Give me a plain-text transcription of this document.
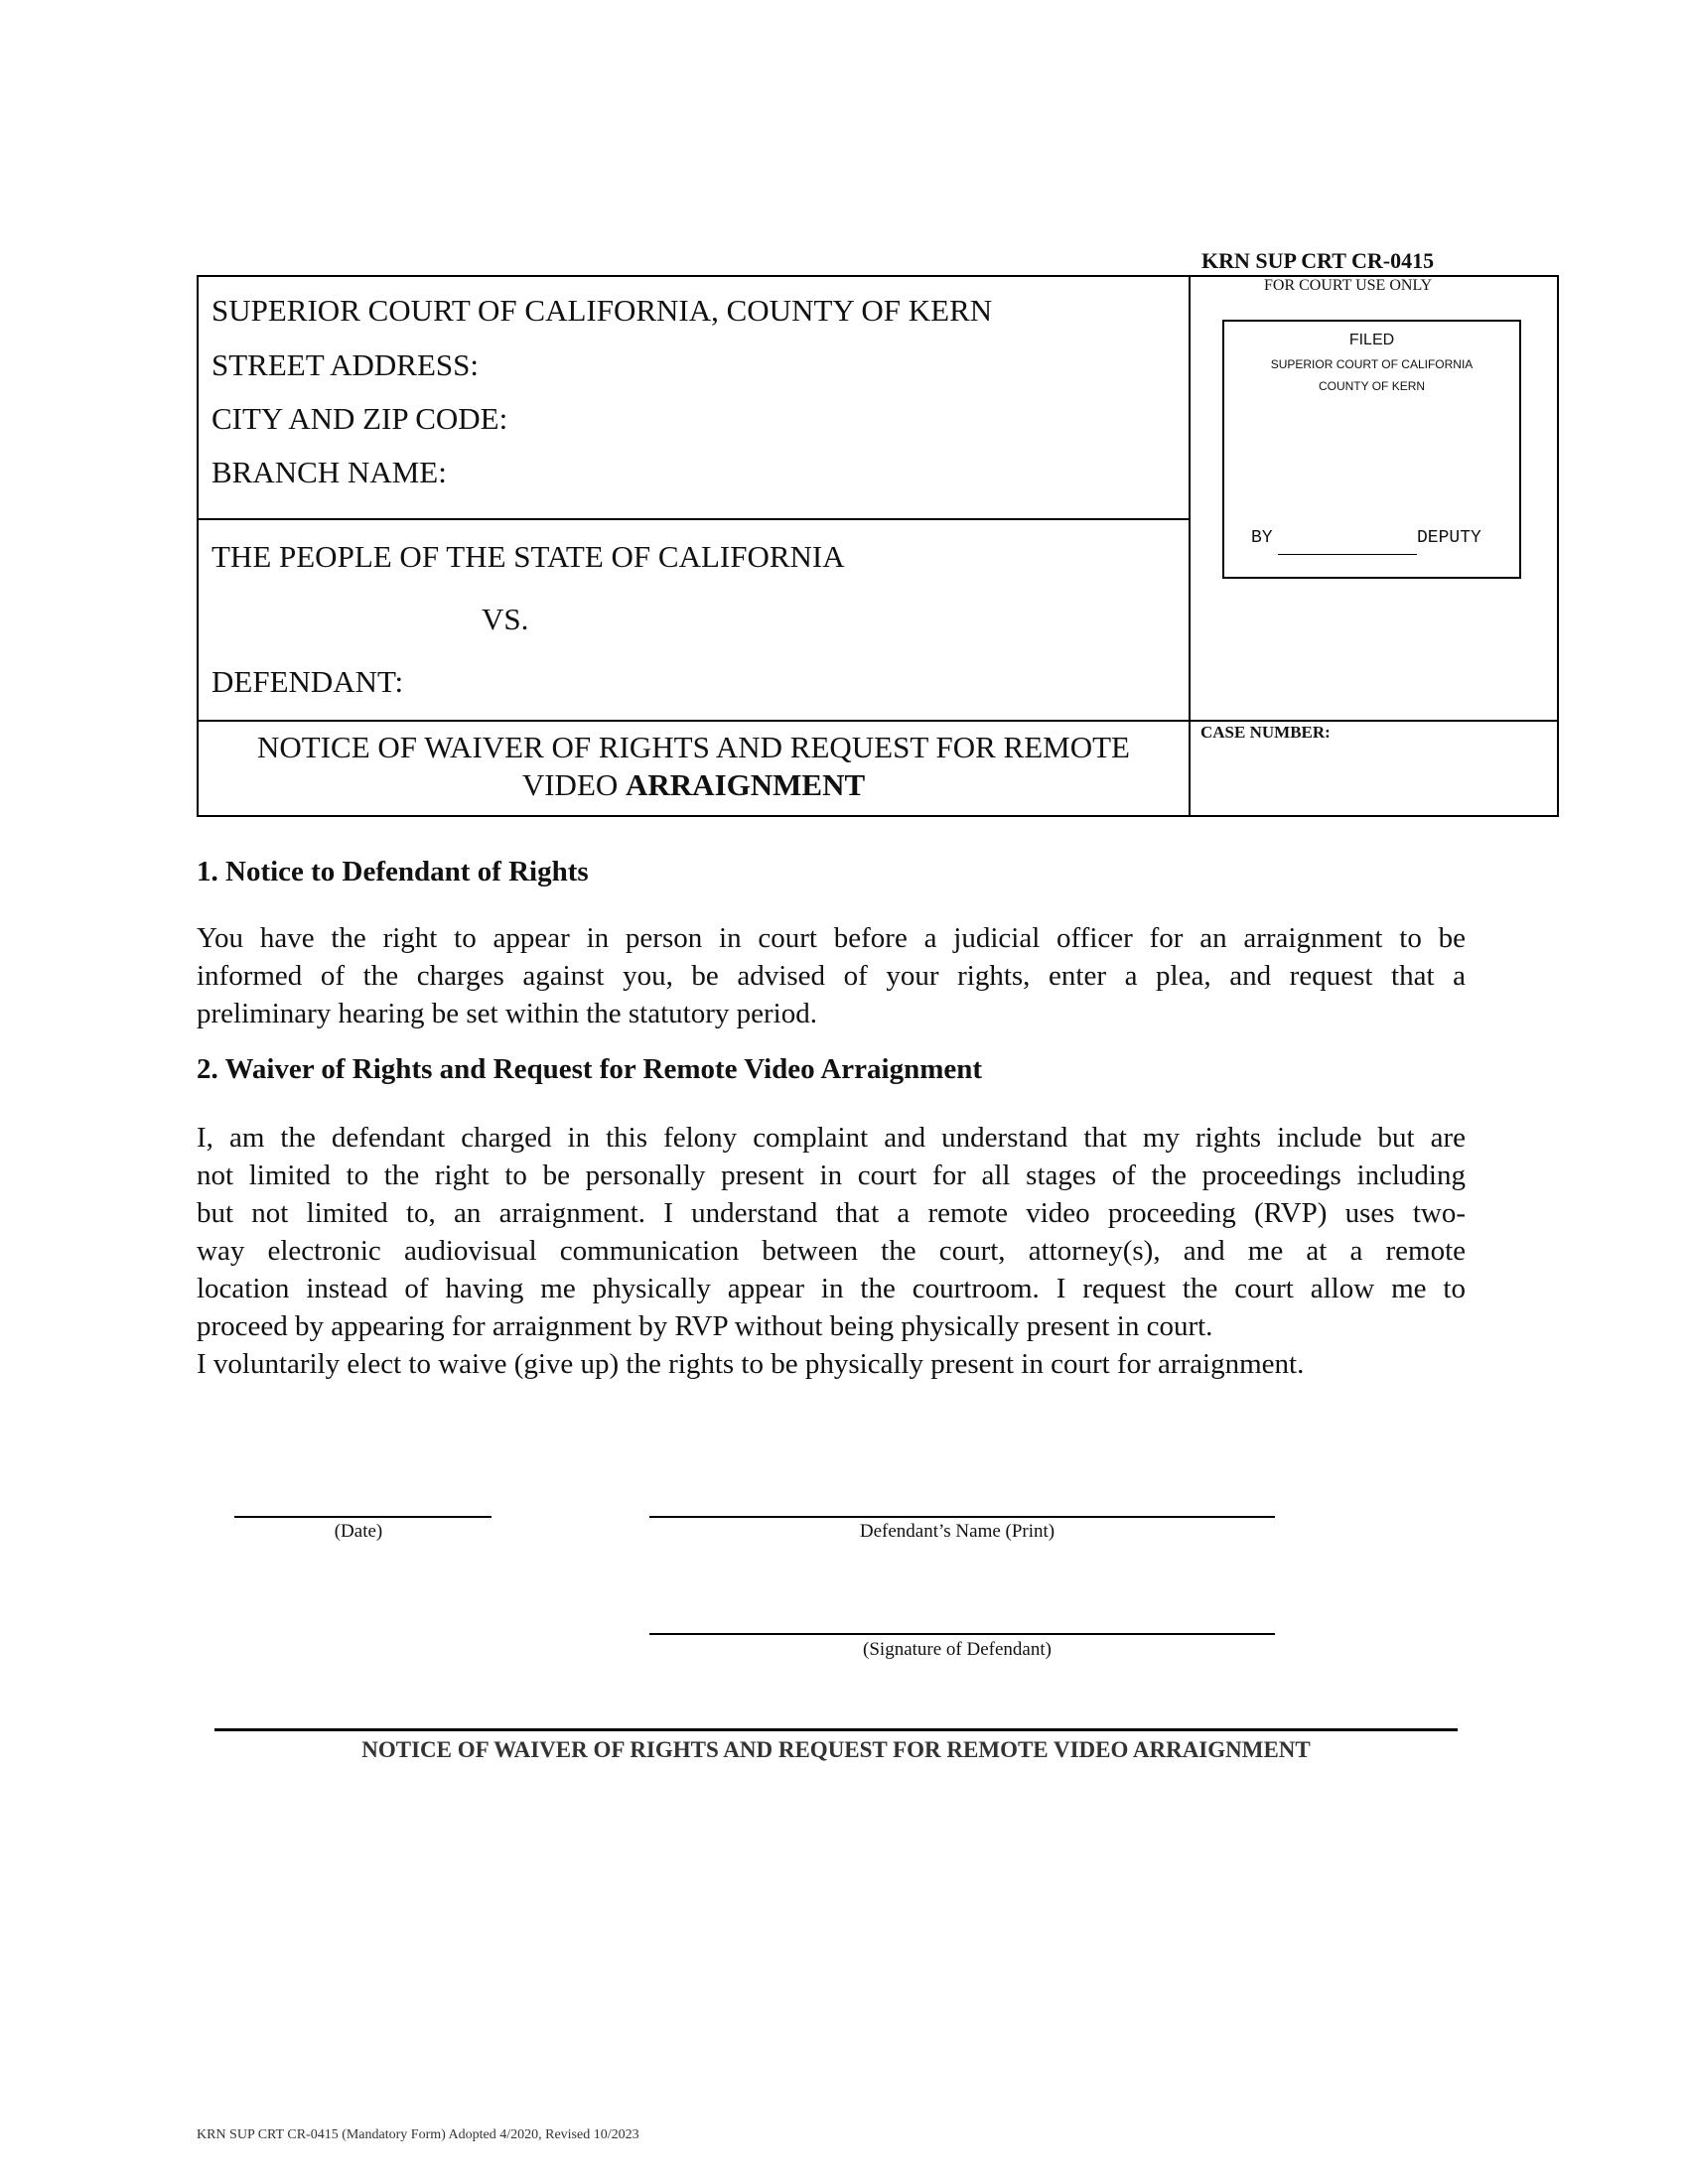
KRN SUP CRT CR-0415
SUPERIOR COURT OF CALIFORNIA, COUNTY OF KERN
STREET ADDRESS:
CITY AND ZIP CODE:
BRANCH NAME:
THE PEOPLE OF THE STATE OF CALIFORNIA
VS.
DEFENDANT:
FOR COURT USE ONLY
FILED
SUPERIOR COURT OF CALIFORNIA
COUNTY OF KERN
BY	DEPUTY
NOTICE OF WAIVER OF RIGHTS AND REQUEST FOR REMOTE
VIDEO ARRAIGNMENT
CASE NUMBER:
1. Notice to Defendant of Rights
You have the right to appear in person in court before a judicial officer for an arraignment to be
informed of the charges against you, be advised of your rights, enter a plea, and request that a
preliminary hearing be set within the statutory period.
2. Waiver of Rights and Request for Remote Video Arraignment
I, am the defendant charged in this felony complaint and understand that my rights include but are
not limited to the right to be personally present in court for all stages of the proceedings including
but not limited to, an arraignment. I understand that a remote video proceeding (RVP) uses two-
way electronic audiovisual communication between the court, attorney(s), and me at a remote
location instead of having me physically appear in the courtroom. I request the court allow me to
proceed by appearing for arraignment by RVP without being physically present in court.
I voluntarily elect to waive (give up) the rights to be physically present in court for arraignment.
(Date)	Defendant’s Name (Print)
(Signature of Defendant)
NOTICE OF WAIVER OF RIGHTS AND REQUEST FOR REMOTE VIDEO ARRAIGNMENT
KRN SUP CRT CR-0415 (Mandatory Form) Adopted 4/2020, Revised 10/2023
